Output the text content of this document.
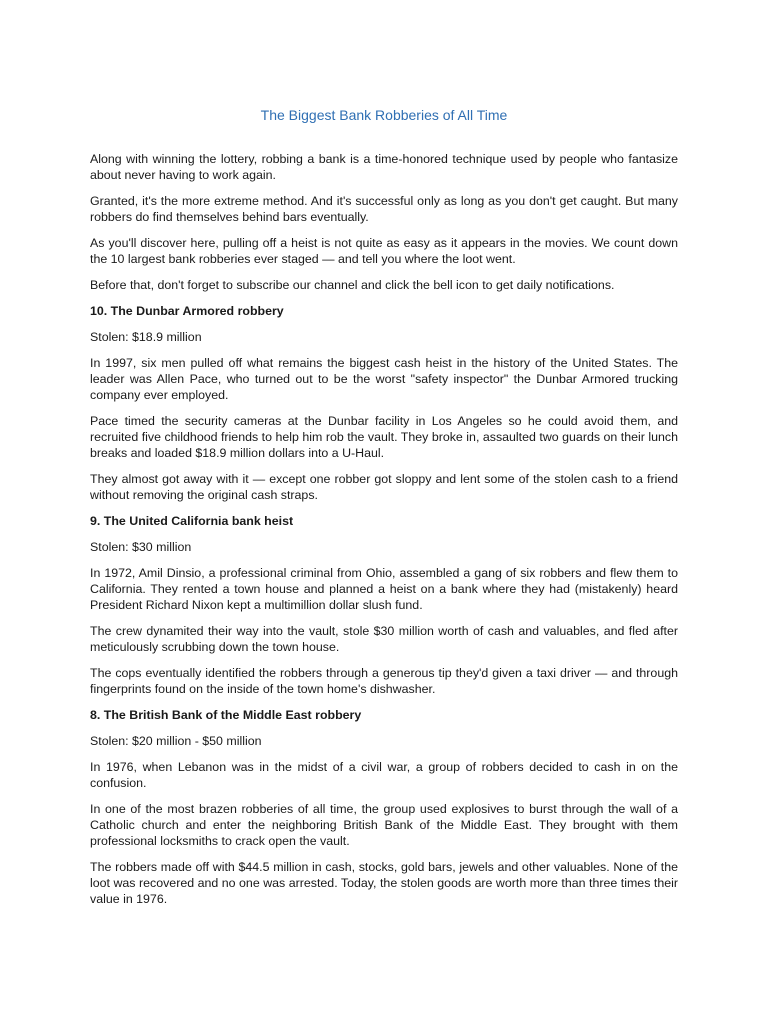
The Biggest Bank Robberies of All Time

Along with winning the lottery, robbing a bank is a time-honored technique used by people who fantasize about never having to work again.

Granted, it's the more extreme method. And it's successful only as long as you don't get caught. But many robbers do find themselves behind bars eventually.

As you'll discover here, pulling off a heist is not quite as easy as it appears in the movies. We count down the 10 largest bank robberies ever staged — and tell you where the loot went.

Before that, don't forget to subscribe our channel and click the bell icon to get daily notifications.

10. The Dunbar Armored robbery

Stolen: $18.9 million

In 1997, six men pulled off what remains the biggest cash heist in the history of the United States. The leader was Allen Pace, who turned out to be the worst "safety inspector" the Dunbar Armored trucking company ever employed.

Pace timed the security cameras at the Dunbar facility in Los Angeles so he could avoid them, and recruited five childhood friends to help him rob the vault. They broke in, assaulted two guards on their lunch breaks and loaded $18.9 million dollars into a U-Haul.

They almost got away with it — except one robber got sloppy and lent some of the stolen cash to a friend without removing the original cash straps.

9. The United California bank heist

Stolen: $30 million

In 1972, Amil Dinsio, a professional criminal from Ohio, assembled a gang of six robbers and flew them to California. They rented a town house and planned a heist on a bank where they had (mistakenly) heard President Richard Nixon kept a multimillion dollar slush fund.

The crew dynamited their way into the vault, stole $30 million worth of cash and valuables, and fled after meticulously scrubbing down the town house.

The cops eventually identified the robbers through a generous tip they'd given a taxi driver — and through fingerprints found on the inside of the town home's dishwasher.

8. The British Bank of the Middle East robbery

Stolen: $20 million - $50 million

In 1976, when Lebanon was in the midst of a civil war, a group of robbers decided to cash in on the confusion.

In one of the most brazen robberies of all time, the group used explosives to burst through the wall of a Catholic church and enter the neighboring British Bank of the Middle East. They brought with them professional locksmiths to crack open the vault.

The robbers made off with $44.5 million in cash, stocks, gold bars, jewels and other valuables. None of the loot was recovered and no one was arrested. Today, the stolen goods are worth more than three times their value in 1976.
